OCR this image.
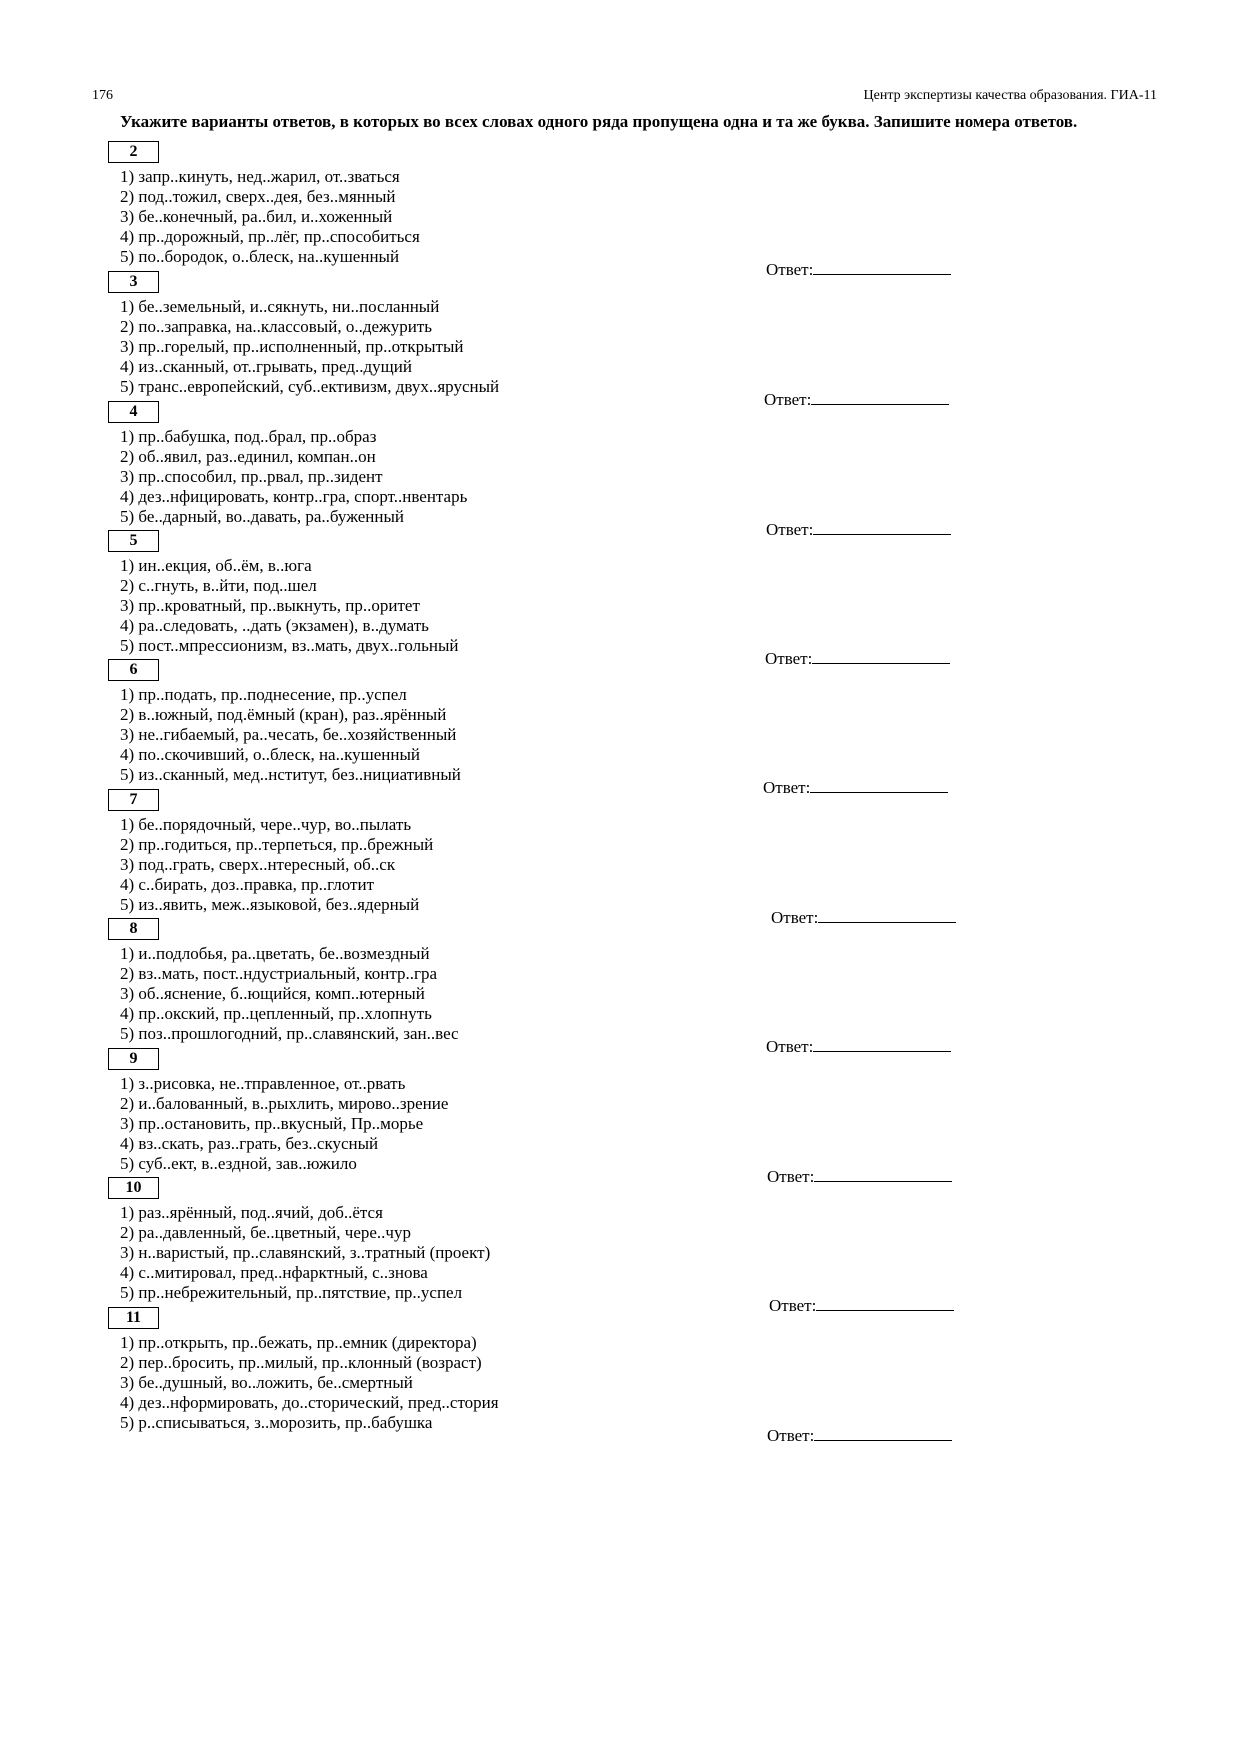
176	Центр экспертизы качества образования. ГИА-11
Укажите варианты ответов, в которых во всех словах одного ряда пропущена одна и та же буква. Запишите номера ответов.
2
1) запр..кинуть, нед..жарил, от..зваться
2) под..тожил, сверх..дея, без..мянный
3) бе..конечный, ра..бил, и..хоженный
4) пр..дорожный, пр..лёг, пр..способиться
5) по..бородок, о..блеск, на..кушенный
Ответ:
3
1) бе..земельный, и..сякнуть, ни..посланный
2) по..заправка, на..классовый, о..дежурить
3) пр..горелый, пр..исполненный, пр..открытый
4) из..сканный, от..грывать, пред..дущий
5) транс..европейский, суб..ективизм, двух..ярусный
Ответ:
4
1) пр..бабушка, под..брал, пр..образ
2) об..явил, раз..единил, компан..он
3) пр..способил, пр..рвал, пр..зидент
4) дез..нфицировать, контр..гра, спорт..нвентарь
5) бе..дарный, во..давать, ра..буженный
Ответ:
5
1) ин..екция, об..ём, в..юга
2) с..гнуть, в..йти, под..шел
3) пр..кроватный, пр..выкнуть, пр..оритет
4) ра..следовать, ..дать (экзамен), в..думать
5) пост..мпрессионизм, вз..мать, двух..гольный
Ответ:
6
1) пр..подать, пр..поднесение, пр..успел
2) в..южный, под.ёмный (кран), раз..ярённый
3) не..гибаемый, ра..чесать, бе..хозяйственный
4) по..скочивший, о..блеск, на..кушенный
5) из..сканный, мед..нститут, без..нициативный
Ответ:
7
1) бе..порядочный, чере..чур, во..пылать
2) пр..годиться, пр..терпеться, пр..брежный
3) под..грать, сверх..нтересный, об..ск
4) с..бирать, доз..правка, пр..глотит
5) из..явить, меж..языковой, без..ядерный
Ответ:
8
1) и..подлобья, ра..цветать, бе..возмездный
2) вз..мать, пост..ндустриальный, контр..гра
3) об..яснение, б..ющийся, комп..ютерный
4) пр..окский, пр..цепленный, пр..хлопнуть
5) поз..прошлогодний, пр..славянский, зан..вес
Ответ:
9
1) з..рисовка, не..тправленное, от..рвать
2) и..балованный, в..рыхлить, мирово..зрение
3) пр..остановить, пр..вкусный, Пр..морье
4) вз..скать, раз..грать, без..скусный
5) суб..ект, в..ездной, зав..южило
Ответ:
10
1) раз..ярённый, под..ячий, доб..ётся
2) ра..давленный, бе..цветный, чере..чур
3) н..варистый, пр..славянский, з..тратный (проект)
4) с..митировал, пред..нфарктный, с..знова
5) пр..небрежительный, пр..пятствие, пр..успел
Ответ:
11
1) пр..открыть, пр..бежать, пр..емник (директора)
2) пер..бросить, пр..милый, пр..клонный (возраст)
3) бе..душный, во..ложить, бе..смертный
4) дез..нформировать, до..сторический, пред..стория
5) р..списываться, з..морозить, пр..бабушка
Ответ:
